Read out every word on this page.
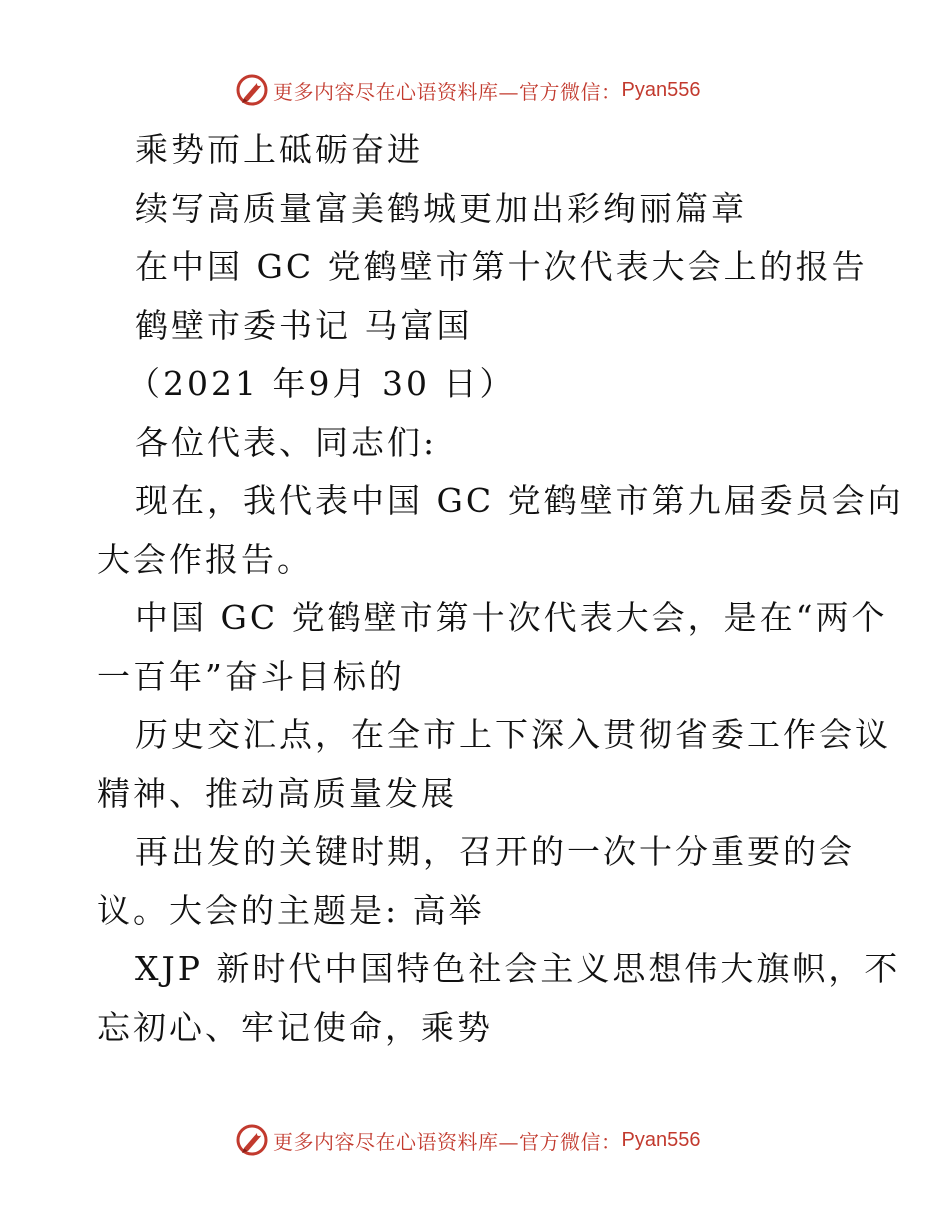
更多内容尽在心语资料库—官方微信： Pyan556
乘势而上砥砺奋进
续写高质量富美鹤城更加出彩绚丽篇章
在中国 GC 党鹤壁市第十次代表大会上的报告
鹤壁市委书记 马富国
（2021 年9月 30 日）
各位代表、同志们:
现在，我代表中国 GC 党鹤壁市第九届委员会向
大会作报告。
中国 GC 党鹤壁市第十次代表大会，是在“两个
一百年”奋斗目标的
历史交汇点，在全市上下深入贯彻省委工作会议
精神、推动高质量发展
再出发的关键时期，召开的一次十分重要的会
议。大会的主题是: 高举
XJP 新时代中国特色社会主义思想伟大旗帜，不
忘初心、牢记使命，乘势
更多内容尽在心语资料库—官方微信： Pyan556
